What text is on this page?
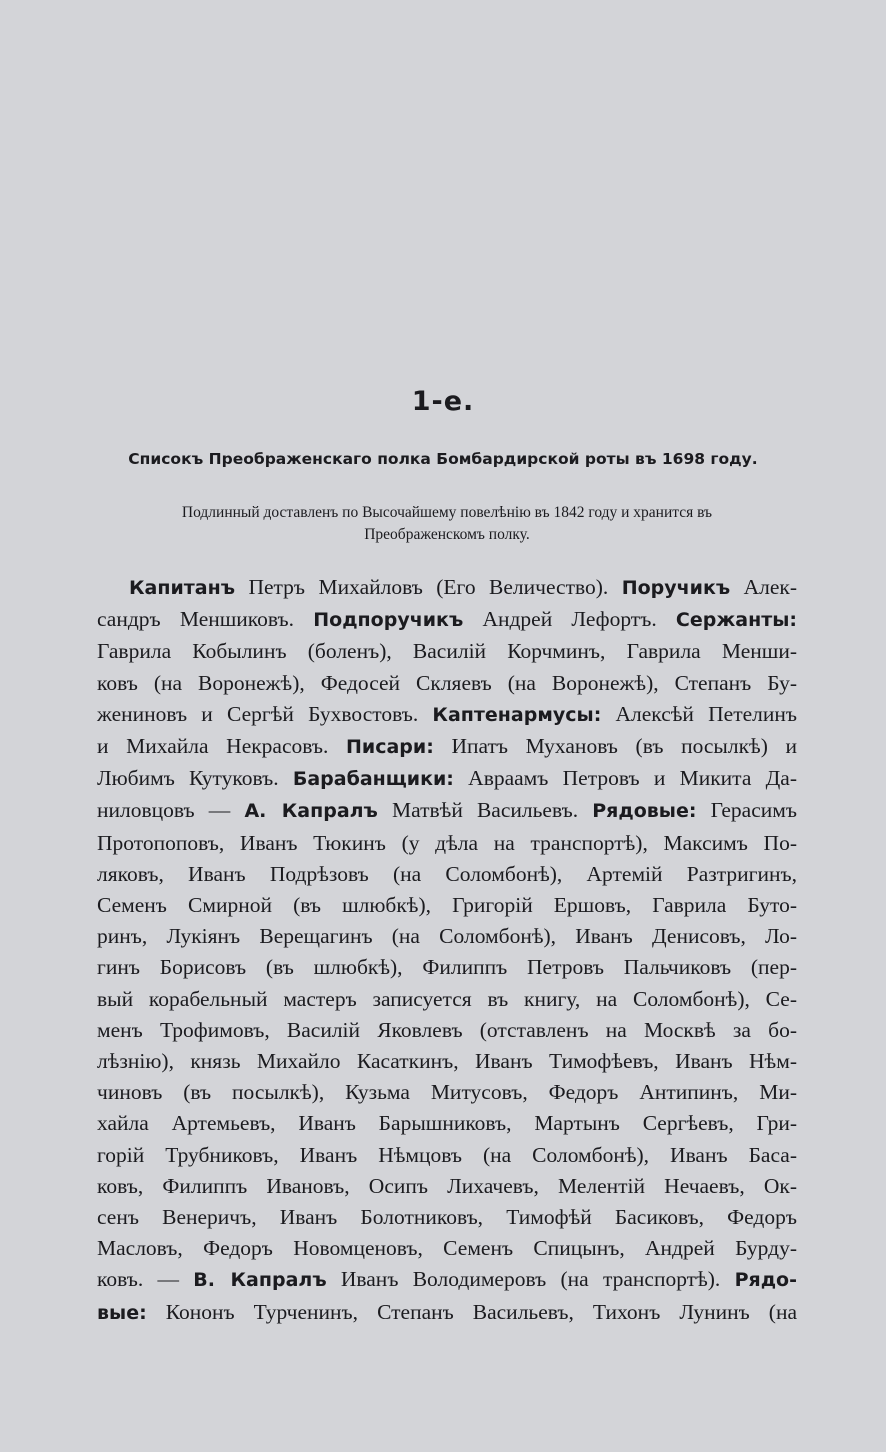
1-е.
Списокъ Преображенскаго полка Бомбардирской роты въ 1698 году.
Подлинный доставленъ по Высочайшему повелѣнію въ 1842 году и хранится въ
Преображенскомъ полку.
Капитанъ Петръ Михайловъ (Его Величество). Поручикъ Алек-
сандръ Меншиковъ. Подпоручикъ Андрей Лефортъ. Сержанты:
Гаврила Кобылинъ (боленъ), Василій Корчминъ, Гаврила Менши-
ковъ (на Воронежѣ), Федосей Скляевъ (на Воронежѣ), Степанъ Бу-
жениновъ и Сергѣй Бухвостовъ. Каптенармусы: Алексѣй Петелинъ
и Михайла Некрасовъ. Писари: Ипатъ Мухановъ (въ посылкѣ) и
Любимъ Кутуковъ. Барабанщики: Авраамъ Петровъ и Микита Да-
ниловцовъ — А. Капралъ Матвѣй Васильевъ. Рядовые: Герасимъ
Протопоповъ, Иванъ Тюкинъ (у дѣла на транспортѣ), Максимъ По-
ляковъ, Иванъ Подрѣзовъ (на Соломбонѣ), Артемій Разтригинъ,
Семенъ Смирной (въ шлюбкѣ), Григорій Ершовъ, Гаврила Буто-
ринъ, Лукіянъ Верещагинъ (на Соломбонѣ), Иванъ Денисовъ, Ло-
гинъ Борисовъ (въ шлюбкѣ), Филиппъ Петровъ Пальчиковъ (пер-
вый корабельный мастеръ записуется въ книгу, на Соломбонѣ), Се-
менъ Трофимовъ, Василій Яковлевъ (отставленъ на Москвѣ за бо-
лѣзнію), князь Михайло Касаткинъ, Иванъ Тимофѣевъ, Иванъ Нѣм-
чиновъ (въ посылкѣ), Кузьма Митусовъ, Федоръ Антипинъ, Ми-
хайла Артемьевъ, Иванъ Барышниковъ, Мартынъ Сергѣевъ, Гри-
горій Трубниковъ, Иванъ Нѣмцовъ (на Соломбонѣ), Иванъ Баса-
ковъ, Филиппъ Ивановъ, Осипъ Лихачевъ, Мелентій Нечаевъ, Ок-
сенъ Венеричъ, Иванъ Болотниковъ, Тимофѣй Басиковъ, Федоръ
Масловъ, Федоръ Новомценовъ, Семенъ Спицынъ, Андрей Бурду-
ковъ. — В. Капралъ Иванъ Володимеровъ (на транспортѣ). Рядо-
вые: Кононъ Турченинъ, Степанъ Васильевъ, Тихонъ Лунинъ (на
